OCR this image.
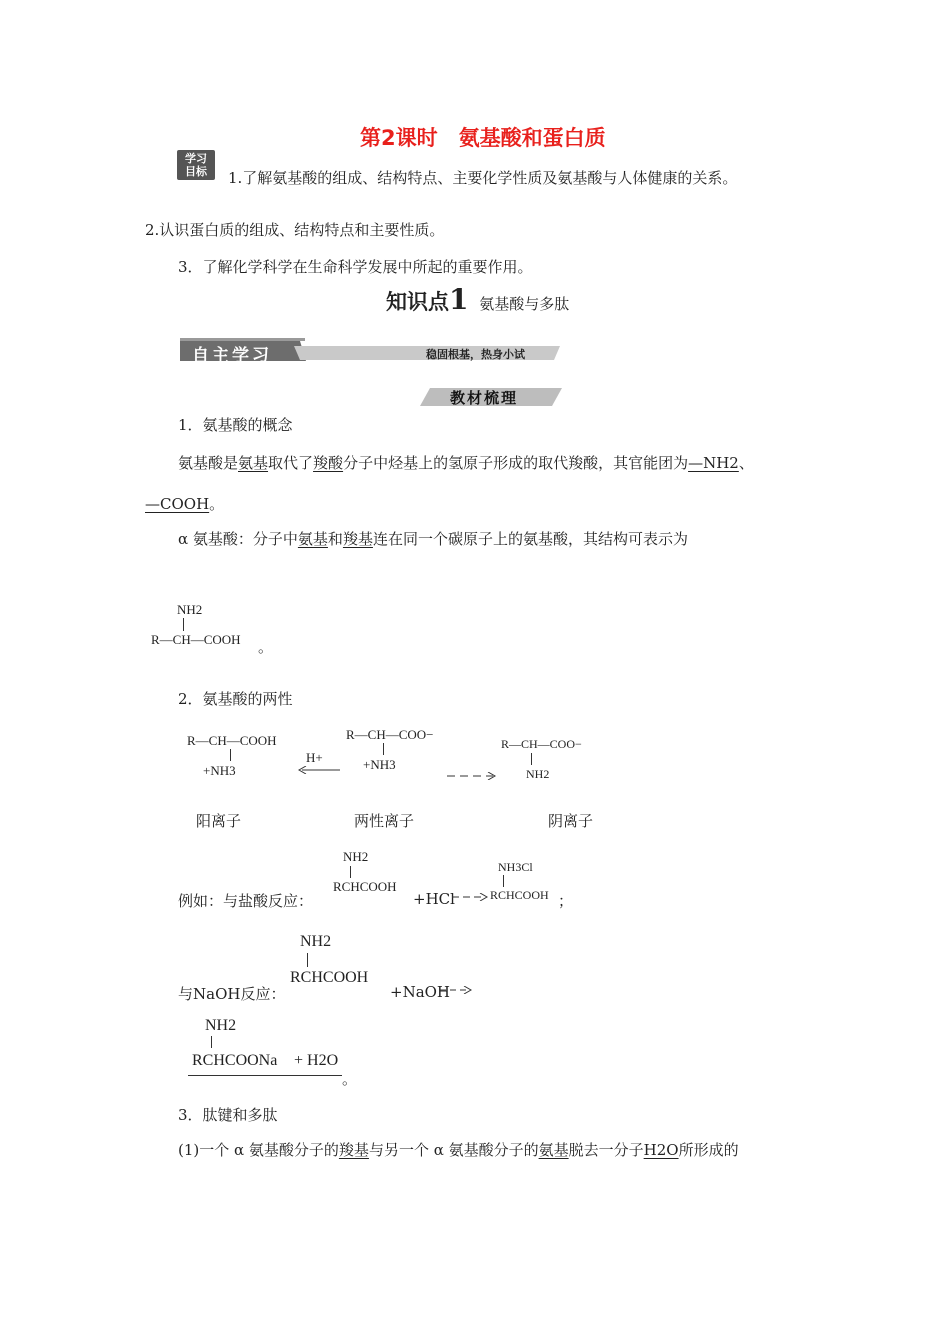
第2课时　氨基酸和蛋白质
学习
目标	1.了解氨基酸的组成、结构特点、主要化学性质及氨基酸与人体健康的关系。
2.认识蛋白质的组成、结构特点和主要性质。
3．了解化学科学在生命科学发展中所起的重要作用。
知识点1 氨基酸与多肽
自主学习	稳固根基，热身小试
教材梳理
1．氨基酸的概念
氨基酸是氨基取代了羧酸分子中烃基上的氢原子形成的取代羧酸，其官能团为—NH2、
—COOH。
α 氨基酸：分子中氨基和羧基连在同一个碳原子上的氨基酸，其结构可表示为
NH2
R—CH—COOH 。
2．氨基酸的两性
R—CH—COOH
+NH3
H+
R—CH—COO−
+NH3
R—CH—COO−
NH2
阳离子	两性离子	阴离子
NH2
例如：与盐酸反应：
RCHCOOH
+HCl
NH3Cl
RCHCOOH ；
NH2
RCHCOOH
与NaOH反应：	+NaOH
NH2
RCHCOONa + H2O
。
3．肽键和多肽
(1)一个 α 氨基酸分子的羧基与另一个 α 氨基酸分子的氨基脱去一分子H2O所形成的
